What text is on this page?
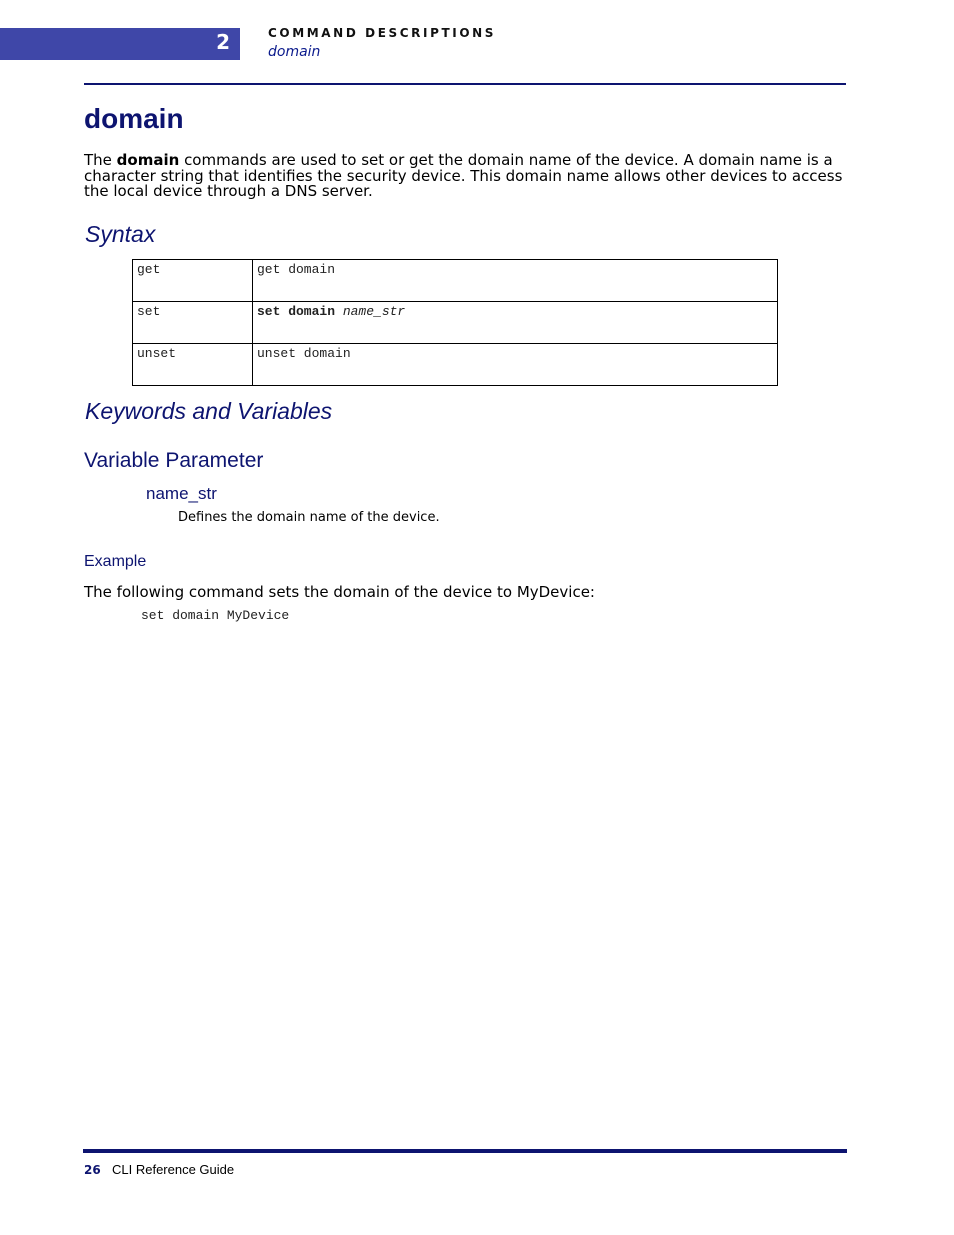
2	COMMAND DESCRIPTIONS
domain
domain

The domain commands are used to set or get the domain name of the device. A domain name is a character string that identifies the security device. This domain name allows other devices to access the local device through a DNS server.

Syntax
get	get domain
set	set domain name_str
unset	unset domain
Keywords and Variables
Variable Parameter
name_str

Defines the domain name of the device.

Example

The following command sets the domain of the device to MyDevice:

set domain MyDevice
26 CLI Reference Guide
